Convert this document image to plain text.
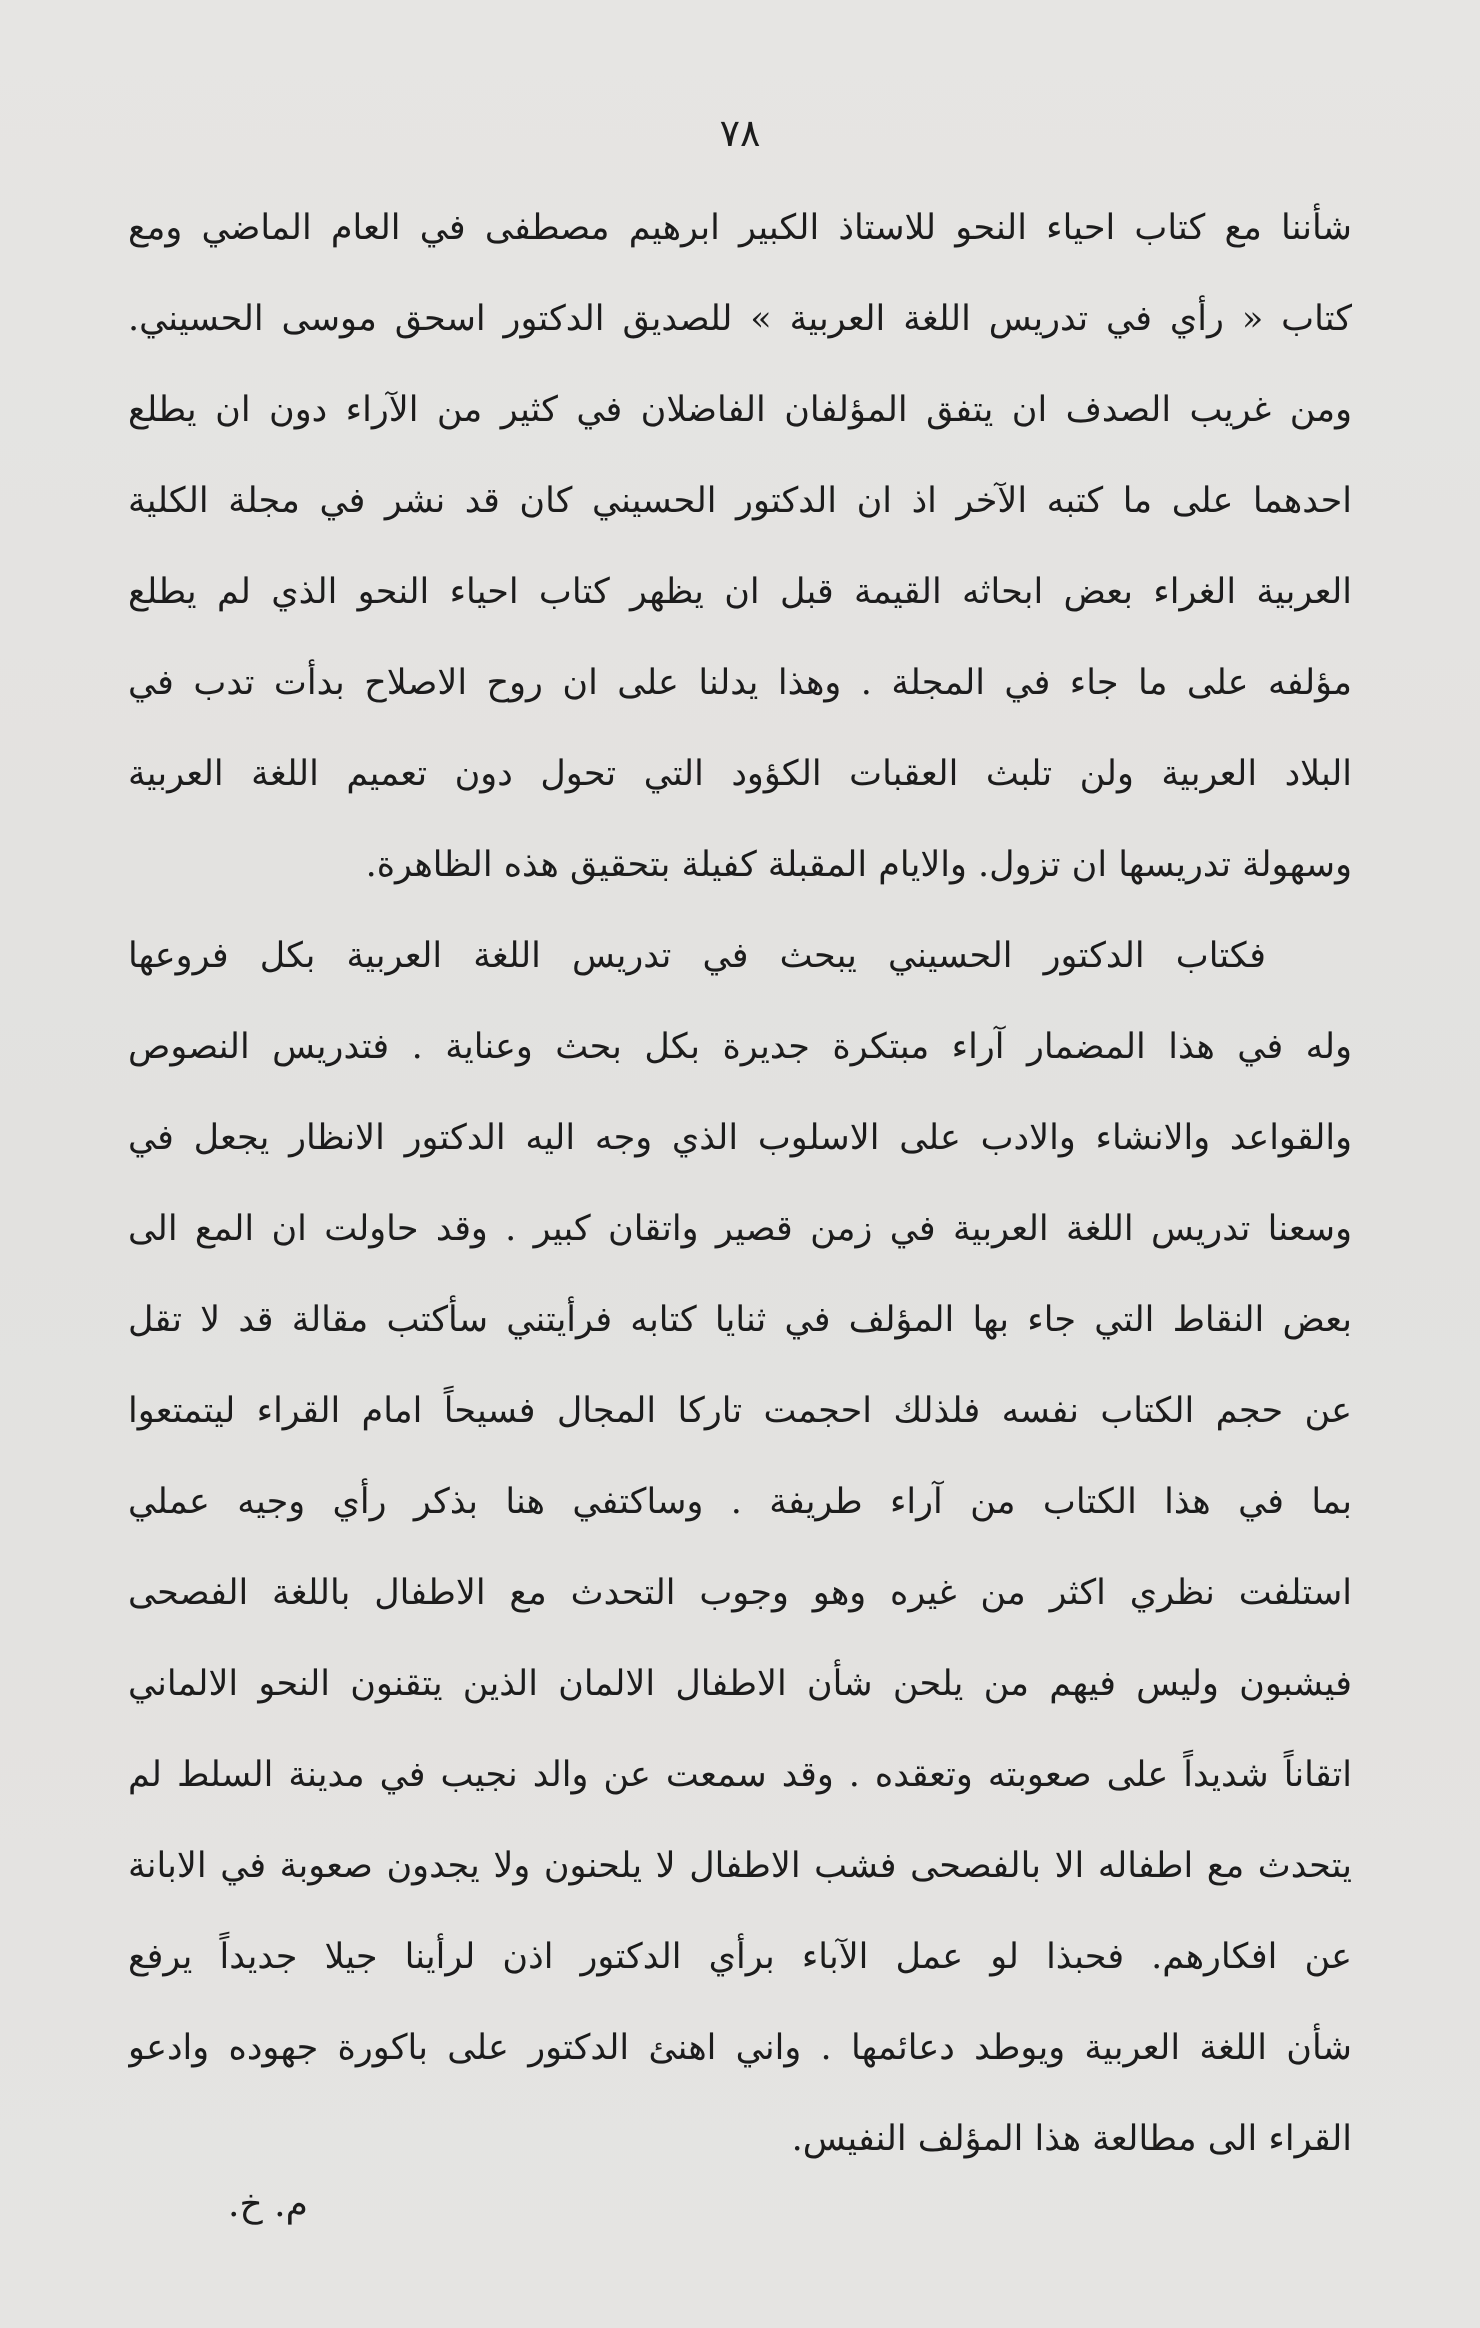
٧٨
شأننا مع كتاب احياء النحو للاستاذ الكبير ابرهيم مصطفى في العام الماضي ومع
كتاب « رأي في تدريس اللغة العربية » للصديق الدكتور اسحق موسى الحسيني.
ومن غريب الصدف ان يتفق المؤلفان الفاضلان في كثير من الآراء دون ان يطلع
احدهما على ما كتبه الآخر اذ ان الدكتور الحسيني كان قد نشر في مجلة الكلية
العربية الغراء بعض ابحاثه القيمة قبل ان يظهر كتاب احياء النحو الذي لم يطلع
مؤلفه على ما جاء في المجلة . وهذا يدلنا على ان روح الاصلاح بدأت تدب في
البلاد العربية ولن تلبث العقبات الكؤود التي تحول دون تعميم اللغة العربية
وسهولة تدريسها ان تزول. والايام المقبلة كفيلة بتحقيق هذه الظاهرة.
فكتاب الدكتور الحسيني يبحث في تدريس اللغة العربية بكل فروعها
وله في هذا المضمار آراء مبتكرة جديرة بكل بحث وعناية . فتدريس النصوص
والقواعد والانشاء والادب على الاسلوب الذي وجه اليه الدكتور الانظار يجعل في
وسعنا تدريس اللغة العربية في زمن قصير واتقان كبير . وقد حاولت ان المع الى
بعض النقاط التي جاء بها المؤلف في ثنايا كتابه فرأيتني سأكتب مقالة قد لا تقل
عن حجم الكتاب نفسه فلذلك احجمت تاركا المجال فسيحاً امام القراء ليتمتعوا
بما في هذا الكتاب من آراء طريفة . وساكتفي هنا بذكر رأي وجيه عملي
استلفت نظري اكثر من غيره وهو وجوب التحدث مع الاطفال باللغة الفصحى
فيشبون وليس فيهم من يلحن شأن الاطفال الالمان الذين يتقنون النحو الالماني
اتقاناً شديداً على صعوبته وتعقده . وقد سمعت عن والد نجيب في مدينة السلط لم
يتحدث مع اطفاله الا بالفصحى فشب الاطفال لا يلحنون ولا يجدون صعوبة في الابانة
عن افكارهم. فحبذا لو عمل الآباء برأي الدكتور اذن لرأينا جيلا جديداً يرفع
شأن اللغة العربية ويوطد دعائمها . واني اهنئ الدكتور على باكورة جهوده وادعو
القراء الى مطالعة هذا المؤلف النفيس.
م. خ.
